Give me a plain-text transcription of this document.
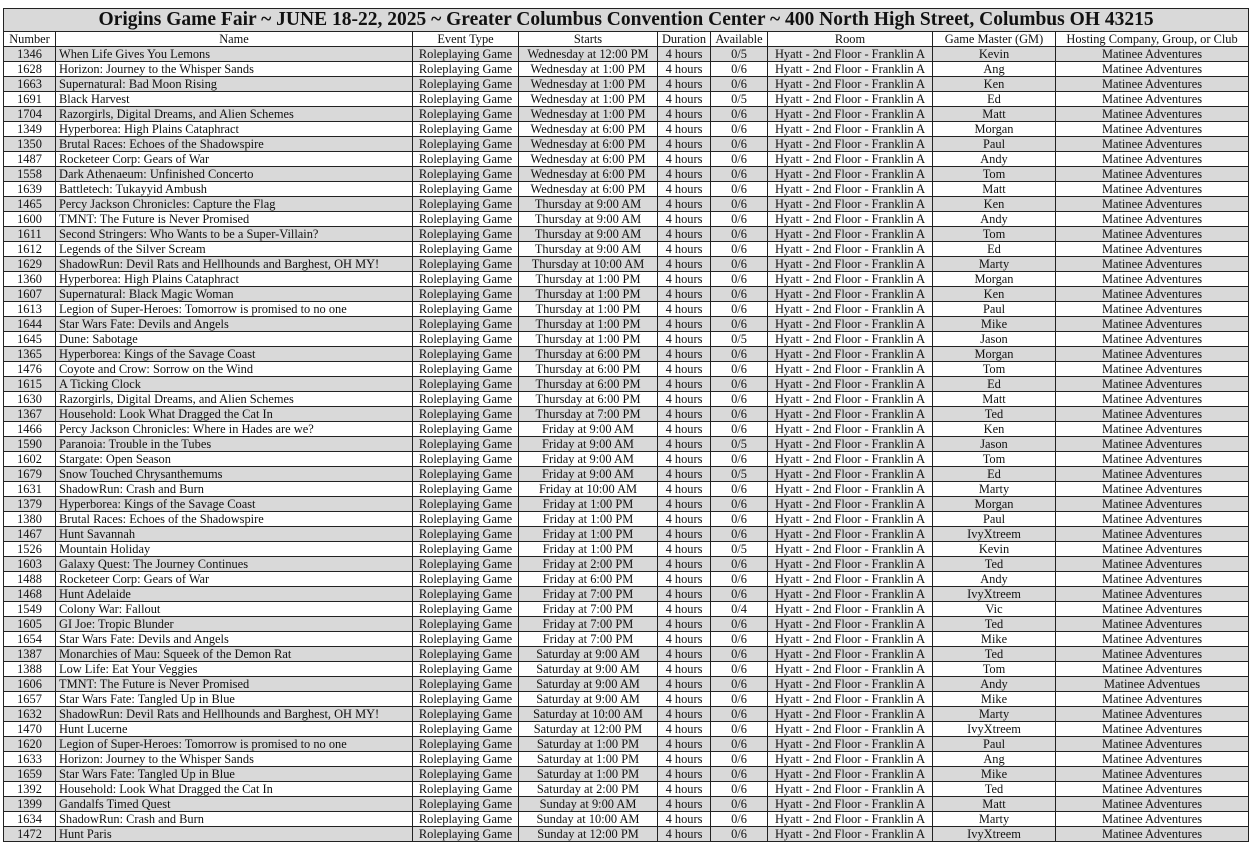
Origins Game Fair ~ JUNE 18-22, 2025 ~ Greater Columbus Convention Center ~ 400 North High Street, Columbus OH 43215								
Number	Name	Event Type	Starts	Duration	Available	Room	Game Master (GM)	Hosting Company, Group, or Club
1346	When Life Gives You Lemons	Roleplaying Game	Wednesday at 12:00 PM	4 hours	0/5	Hyatt - 2nd Floor - Franklin A	Kevin	Matinee Adventures
1628	Horizon: Journey to the Whisper Sands	Roleplaying Game	Wednesday at 1:00 PM	4 hours	0/6	Hyatt - 2nd Floor - Franklin A	Ang	Matinee Adventures
1663	Supernatural: Bad Moon Rising	Roleplaying Game	Wednesday at 1:00 PM	4 hours	0/6	Hyatt - 2nd Floor - Franklin A	Ken	Matinee Adventures
1691	Black Harvest	Roleplaying Game	Wednesday at 1:00 PM	4 hours	0/5	Hyatt - 2nd Floor - Franklin A	Ed	Matinee Adventures
1704	Razorgirls, Digital Dreams, and Alien Schemes	Roleplaying Game	Wednesday at 1:00 PM	4 hours	0/6	Hyatt - 2nd Floor - Franklin A	Matt	Matinee Adventures
1349	Hyperborea: High Plains Cataphract	Roleplaying Game	Wednesday at 6:00 PM	4 hours	0/6	Hyatt - 2nd Floor - Franklin A	Morgan	Matinee Adventures
1350	Brutal Races: Echoes of the Shadowspire	Roleplaying Game	Wednesday at 6:00 PM	4 hours	0/6	Hyatt - 2nd Floor - Franklin A	Paul	Matinee Adventures
1487	Rocketeer Corp: Gears of War	Roleplaying Game	Wednesday at 6:00 PM	4 hours	0/6	Hyatt - 2nd Floor - Franklin A	Andy	Matinee Adventures
1558	Dark Athenaeum: Unfinished Concerto	Roleplaying Game	Wednesday at 6:00 PM	4 hours	0/6	Hyatt - 2nd Floor - Franklin A	Tom	Matinee Adventures
1639	Battletech: Tukayyid Ambush	Roleplaying Game	Wednesday at 6:00 PM	4 hours	0/6	Hyatt - 2nd Floor - Franklin A	Matt	Matinee Adventures
1465	Percy Jackson Chronicles: Capture the Flag	Roleplaying Game	Thursday at 9:00 AM	4 hours	0/6	Hyatt - 2nd Floor - Franklin A	Ken	Matinee Adventures
1600	TMNT: The Future is Never Promised	Roleplaying Game	Thursday at 9:00 AM	4 hours	0/6	Hyatt - 2nd Floor - Franklin A	Andy	Matinee Adventures
1611	Second Stringers: Who Wants to be a Super-Villain?	Roleplaying Game	Thursday at 9:00 AM	4 hours	0/6	Hyatt - 2nd Floor - Franklin A	Tom	Matinee Adventures
1612	Legends of the Silver Scream	Roleplaying Game	Thursday at 9:00 AM	4 hours	0/6	Hyatt - 2nd Floor - Franklin A	Ed	Matinee Adventures
1629	ShadowRun: Devil Rats and Hellhounds and Barghest, OH MY!	Roleplaying Game	Thursday at 10:00 AM	4 hours	0/6	Hyatt - 2nd Floor - Franklin A	Marty	Matinee Adventures
1360	Hyperborea: High Plains Cataphract	Roleplaying Game	Thursday at 1:00 PM	4 hours	0/6	Hyatt - 2nd Floor - Franklin A	Morgan	Matinee Adventures
1607	Supernatural: Black Magic Woman	Roleplaying Game	Thursday at 1:00 PM	4 hours	0/6	Hyatt - 2nd Floor - Franklin A	Ken	Matinee Adventures
1613	Legion of Super-Heroes: Tomorrow is promised to no one	Roleplaying Game	Thursday at 1:00 PM	4 hours	0/6	Hyatt - 2nd Floor - Franklin A	Paul	Matinee Adventures
1644	Star Wars Fate: Devils and Angels	Roleplaying Game	Thursday at 1:00 PM	4 hours	0/6	Hyatt - 2nd Floor - Franklin A	Mike	Matinee Adventures
1645	Dune: Sabotage	Roleplaying Game	Thursday at 1:00 PM	4 hours	0/5	Hyatt - 2nd Floor - Franklin A	Jason	Matinee Adventures
1365	Hyperborea: Kings of the Savage Coast	Roleplaying Game	Thursday at 6:00 PM	4 hours	0/6	Hyatt - 2nd Floor - Franklin A	Morgan	Matinee Adventures
1476	Coyote and Crow: Sorrow on the Wind	Roleplaying Game	Thursday at 6:00 PM	4 hours	0/6	Hyatt - 2nd Floor - Franklin A	Tom	Matinee Adventures
1615	A Ticking Clock	Roleplaying Game	Thursday at 6:00 PM	4 hours	0/6	Hyatt - 2nd Floor - Franklin A	Ed	Matinee Adventures
1630	Razorgirls, Digital Dreams, and Alien Schemes	Roleplaying Game	Thursday at 6:00 PM	4 hours	0/6	Hyatt - 2nd Floor - Franklin A	Matt	Matinee Adventures
1367	Household: Look What Dragged the Cat In	Roleplaying Game	Thursday at 7:00 PM	4 hours	0/6	Hyatt - 2nd Floor - Franklin A	Ted	Matinee Adventures
1466	Percy Jackson Chronicles: Where in Hades are we?	Roleplaying Game	Friday at 9:00 AM	4 hours	0/6	Hyatt - 2nd Floor - Franklin A	Ken	Matinee Adventures
1590	Paranoia: Trouble in the Tubes	Roleplaying Game	Friday at 9:00 AM	4 hours	0/5	Hyatt - 2nd Floor - Franklin A	Jason	Matinee Adventures
1602	Stargate: Open Season	Roleplaying Game	Friday at 9:00 AM	4 hours	0/6	Hyatt - 2nd Floor - Franklin A	Tom	Matinee Adventures
1679	Snow Touched Chrysanthemums	Roleplaying Game	Friday at 9:00 AM	4 hours	0/5	Hyatt - 2nd Floor - Franklin A	Ed	Matinee Adventures
1631	ShadowRun: Crash and Burn	Roleplaying Game	Friday at 10:00 AM	4 hours	0/6	Hyatt - 2nd Floor - Franklin A	Marty	Matinee Adventures
1379	Hyperborea: Kings of the Savage Coast	Roleplaying Game	Friday at 1:00 PM	4 hours	0/6	Hyatt - 2nd Floor - Franklin A	Morgan	Matinee Adventures
1380	Brutal Races: Echoes of the Shadowspire	Roleplaying Game	Friday at 1:00 PM	4 hours	0/6	Hyatt - 2nd Floor - Franklin A	Paul	Matinee Adventures
1467	Hunt Savannah	Roleplaying Game	Friday at 1:00 PM	4 hours	0/6	Hyatt - 2nd Floor - Franklin A	IvyXtreem	Matinee Adventures
1526	Mountain Holiday	Roleplaying Game	Friday at 1:00 PM	4 hours	0/5	Hyatt - 2nd Floor - Franklin A	Kevin	Matinee Adventures
1603	Galaxy Quest: The Journey Continues	Roleplaying Game	Friday at 2:00 PM	4 hours	0/6	Hyatt - 2nd Floor - Franklin A	Ted	Matinee Adventures
1488	Rocketeer Corp: Gears of War	Roleplaying Game	Friday at 6:00 PM	4 hours	0/6	Hyatt - 2nd Floor - Franklin A	Andy	Matinee Adventures
1468	Hunt Adelaide	Roleplaying Game	Friday at 7:00 PM	4 hours	0/6	Hyatt - 2nd Floor - Franklin A	IvyXtreem	Matinee Adventures
1549	Colony War: Fallout	Roleplaying Game	Friday at 7:00 PM	4 hours	0/4	Hyatt - 2nd Floor - Franklin A	Vic	Matinee Adventures
1605	GI Joe: Tropic Blunder	Roleplaying Game	Friday at 7:00 PM	4 hours	0/6	Hyatt - 2nd Floor - Franklin A	Ted	Matinee Adventures
1654	Star Wars Fate: Devils and Angels	Roleplaying Game	Friday at 7:00 PM	4 hours	0/6	Hyatt - 2nd Floor - Franklin A	Mike	Matinee Adventures
1387	Monarchies of Mau: Squeek of the Demon Rat	Roleplaying Game	Saturday at 9:00 AM	4 hours	0/6	Hyatt - 2nd Floor - Franklin A	Ted	Matinee Adventures
1388	Low Life: Eat Your Veggies	Roleplaying Game	Saturday at 9:00 AM	4 hours	0/6	Hyatt - 2nd Floor - Franklin A	Tom	Matinee Adventures
1606	TMNT: The Future is Never Promised	Roleplaying Game	Saturday at 9:00 AM	4 hours	0/6	Hyatt - 2nd Floor - Franklin A	Andy	Matinee Adventues
1657	Star Wars Fate: Tangled Up in Blue	Roleplaying Game	Saturday at 9:00 AM	4 hours	0/6	Hyatt - 2nd Floor - Franklin A	Mike	Matinee Adventures
1632	ShadowRun: Devil Rats and Hellhounds and Barghest, OH MY!	Roleplaying Game	Saturday at 10:00 AM	4 hours	0/6	Hyatt - 2nd Floor - Franklin A	Marty	Matinee Adventures
1470	Hunt Lucerne	Roleplaying Game	Saturday at 12:00 PM	4 hours	0/6	Hyatt - 2nd Floor - Franklin A	IvyXtreem	Matinee Adventures
1620	Legion of Super-Heroes: Tomorrow is promised to no one	Roleplaying Game	Saturday at 1:00 PM	4 hours	0/6	Hyatt - 2nd Floor - Franklin A	Paul	Matinee Adventures
1633	Horizon: Journey to the Whisper Sands	Roleplaying Game	Saturday at 1:00 PM	4 hours	0/6	Hyatt - 2nd Floor - Franklin A	Ang	Matinee Adventures
1659	Star Wars Fate: Tangled Up in Blue	Roleplaying Game	Saturday at 1:00 PM	4 hours	0/6	Hyatt - 2nd Floor - Franklin A	Mike	Matinee Adventures
1392	Household: Look What Dragged the Cat In	Roleplaying Game	Saturday at 2:00 PM	4 hours	0/6	Hyatt - 2nd Floor - Franklin A	Ted	Matinee Adventures
1399	Gandalfs Timed Quest	Roleplaying Game	Sunday at 9:00 AM	4 hours	0/6	Hyatt - 2nd Floor - Franklin A	Matt	Matinee Adventures
1634	ShadowRun: Crash and Burn	Roleplaying Game	Sunday at 10:00 AM	4 hours	0/6	Hyatt - 2nd Floor - Franklin A	Marty	Matinee Adventures
1472	Hunt Paris	Roleplaying Game	Sunday at 12:00 PM	4 hours	0/6	Hyatt - 2nd Floor - Franklin A	IvyXtreem	Matinee Adventures
